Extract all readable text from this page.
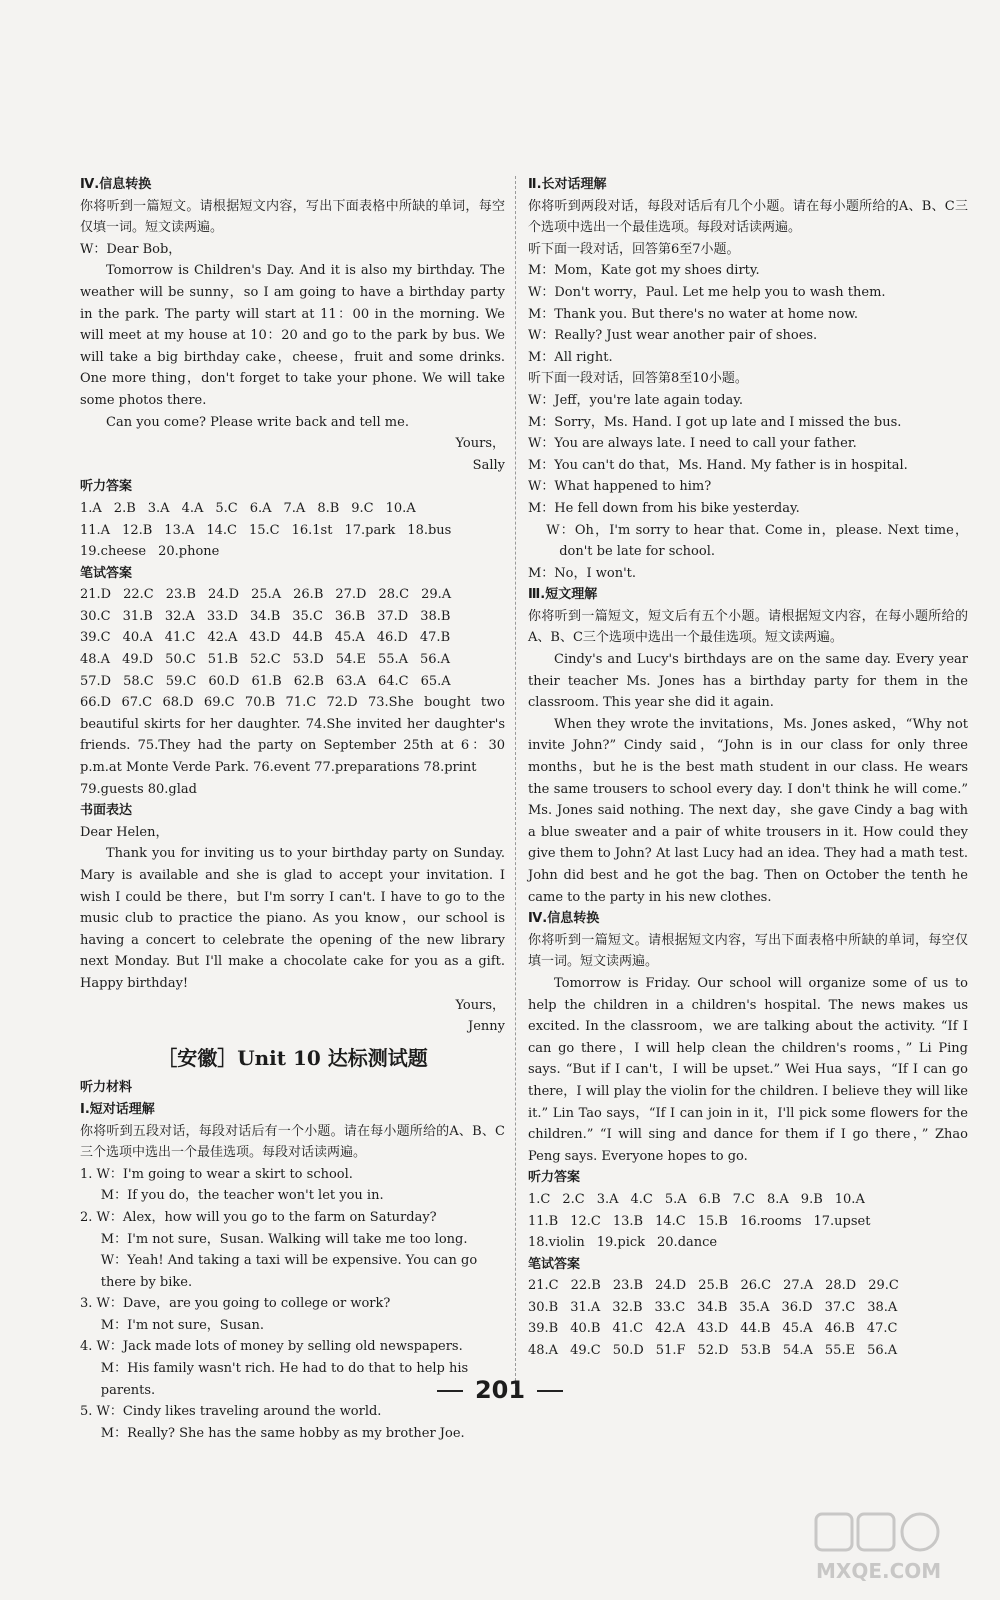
Ⅳ.信息转换

你将听到一篇短文。请根据短文内容，写出下面表格中所缺的单词，每空仅填一词。短文读两遍。

W：Dear Bob，

Tomorrow is Children's Day. And it is also my birthday. The weather will be sunny，so I am going to have a birthday party in the park. The party will start at 11：00 in the morning. We will meet at my house at 10：20 and go to the park by bus. We will take a big birthday cake，cheese，fruit and some drinks. One more thing，don't forget to take your phone. We will take some photos there.

Can you come? Please write back and tell me.

Yours，

Sally

听力答案

1.A 2.B 3.A 4.A 5.C 6.A 7.A 8.B 9.C 10.A

11.A 12.B 13.A 14.C 15.C 16.1st 17.park 18.bus

19.cheese 20.phone

笔试答案

21.D 22.C 23.B 24.D 25.A 26.B 27.D 28.C 29.A

30.C 31.B 32.A 33.D 34.B 35.C 36.B 37.D 38.B

39.C 40.A 41.C 42.A 43.D 44.B 45.A 46.D 47.B

48.A 49.D 50.C 51.B 52.C 53.D 54.E 55.A 56.A

57.D 58.C 59.C 60.D 61.B 62.B 63.A 64.C 65.A

66.D 67.C 68.D 69.C 70.B 71.C 72.D 73.She bought two beautiful skirts for her daughter. 74.She invited her daughter's friends. 75.They had the party on September 25th at 6：30 p.m.at Monte Verde Park. 76.event 77.preparations 78.print

79.guests 80.glad

书面表达

Dear Helen，

Thank you for inviting us to your birthday party on Sunday. Mary is available and she is glad to accept your invitation. I wish I could be there，but I'm sorry I can't. I have to go to the music club to practice the piano. As you know，our school is having a concert to celebrate the opening of the new library next Monday. But I'll make a chocolate cake for you as a gift. Happy birthday!

Yours，

Jenny

［安徽］Unit 10 达标测试题

听力材料

Ⅰ.短对话理解

你将听到五段对话，每段对话后有一个小题。请在每小题所给的A、B、C三个选项中选出一个最佳选项。每段对话读两遍。

1. W：I'm going to wear a skirt to school.

M：If you do，the teacher won't let you in.

2. W：Alex，how will you go to the farm on Saturday?

M：I'm not sure，Susan. Walking will take me too long.

W：Yeah! And taking a taxi will be expensive. You can go there by bike.

3. W：Dave，are you going to college or work?

M：I'm not sure，Susan.

4. W：Jack made lots of money by selling old newspapers.

M：His family wasn't rich. He had to do that to help his parents.

5. W：Cindy likes traveling around the world.

M：Really? She has the same hobby as my brother Joe.

Ⅱ.长对话理解

你将听到两段对话，每段对话后有几个小题。请在每小题所给的A、B、C三个选项中选出一个最佳选项。每段对话读两遍。

听下面一段对话，回答第6至7小题。

M：Mom，Kate got my shoes dirty.

W：Don't worry，Paul. Let me help you to wash them.

M：Thank you. But there's no water at home now.

W：Really? Just wear another pair of shoes.

M：All right.

听下面一段对话，回答第8至10小题。

W：Jeff，you're late again today.

M：Sorry，Ms. Hand. I got up late and I missed the bus.

W：You are always late. I need to call your father.

M：You can't do that，Ms. Hand. My father is in hospital.

W：What happened to him?

M：He fell down from his bike yesterday.

W：Oh，I'm sorry to hear that. Come in，please. Next time，don't be late for school.

M：No，I won't.

Ⅲ.短文理解

你将听到一篇短文，短文后有五个小题。请根据短文内容，在每小题所给的A、B、C三个选项中选出一个最佳选项。短文读两遍。

Cindy's and Lucy's birthdays are on the same day. Every year their teacher Ms. Jones has a birthday party for them in the classroom. This year she did it again.

When they wrote the invitations，Ms. Jones asked，“Why not invite John?” Cindy said，“John is in our class for only three months，but he is the best math student in our class. He wears the same trousers to school every day. I don't think he will come.” Ms. Jones said nothing. The next day，she gave Cindy a bag with a blue sweater and a pair of white trousers in it. How could they give them to John? At last Lucy had an idea. They had a math test. John did best and he got the bag. Then on October the tenth he came to the party in his new clothes.

Ⅳ.信息转换

你将听到一篇短文。请根据短文内容，写出下面表格中所缺的单词，每空仅填一词。短文读两遍。

Tomorrow is Friday. Our school will organize some of us to help the children in a children's hospital. The news makes us excited. In the classroom，we are talking about the activity. “If I can go there，I will help clean the children's rooms，” Li Ping says. “But if I can't，I will be upset.” Wei Hua says，“If I can go there，I will play the violin for the children. I believe they will like it.” Lin Tao says，“If I can join in it，I'll pick some flowers for the children.” “I will sing and dance for them if I go there，” Zhao Peng says. Everyone hopes to go.

听力答案

1.C 2.C 3.A 4.C 5.A 6.B 7.C 8.A 9.B 10.A

11.B 12.C 13.B 14.C 15.B 16.rooms 17.upset

18.violin 19.pick 20.dance

笔试答案

21.C 22.B 23.B 24.D 25.B 26.C 27.A 28.D 29.C

30.B 31.A 32.B 33.C 34.B 35.A 36.D 37.C 38.A

39.B 40.B 41.C 42.A 43.D 44.B 45.A 46.B 47.C

48.A 49.C 50.D 51.F 52.D 53.B 54.A 55.E 56.A

201
MXQE.COM
